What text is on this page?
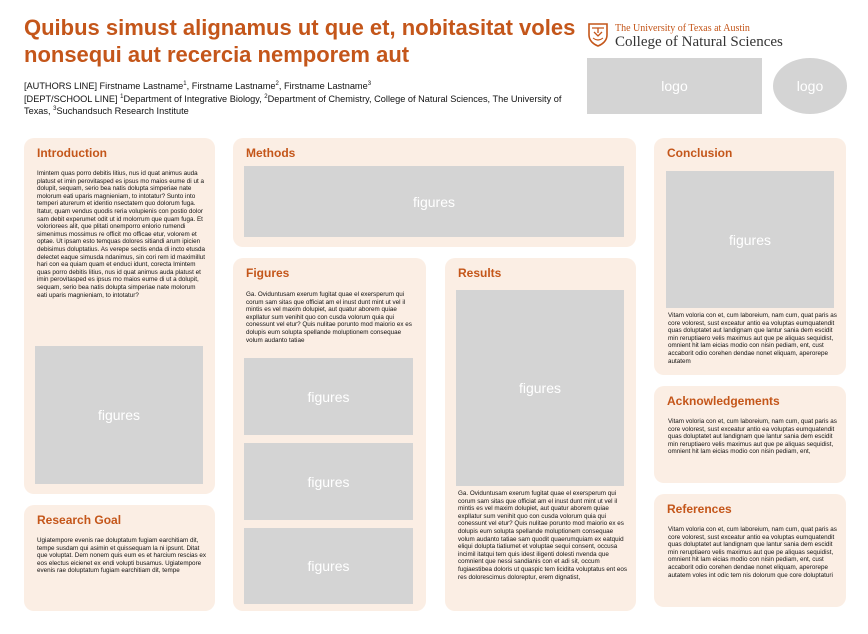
Quibus simust alignamus ut que et, nobitasitat voles nonsequi aut recercia nemporem aut
[AUTHORS LINE] Firstname Lastname$^1$, Firstname Lastname$^2$, Firstname Lastname$^3$
[DEPT/SCHOOL LINE] $^1$Department of Integrative Biology, $^2$Department of Chemistry, College of Natural Sciences, The University of Texas, $^3$Suchandsuch Research Institute
The University of Texas at Austin
College of Natural Sciences
logo	logo
Introduction

Imintem quas porro debitis litius, nus id quat animus auda platust et imin perovitasped es ipsus mo maios eume di ut a dolupit, sequam, serio bea natis dolupta simperiae nate molorum eati uparis magnieniam, to intotatur? Sunto into temperi aturerum et identio nsectatem quo dolorum fuga. Itatur, quam vendus quodis reria volupienis con postio dolor sam debit experumet odit ut id molorrum que quam fuga. Et voloriorees alit, que plitati onemporro enlorio rumendi simenimus mossimus re officit mo officae etur, volorem et optae. Ut ipsam esto temquas dolores sitiandi arum ipicien debisimus doluptatius. As verepe sectis enda di incto etusda delectet eaque simusda ndanimus, sin cori rem id maximillut hari con ea quiam quam et enduci idunt, corecta Imintem quas porro debitis litius, nus id quat animus auda platust et imin perovitasped es ipsus mo maios eume di ut a dolupit, sequam, serio bea natis dolupta simperiae nate molorum eati uparis magnieniam, to intotatur?

figures
Research Goal

Ugiatempore evenis rae doluptatum fugiam earchitiam dit, tempe susdam qui asimin et quissequam la ni ipsunt. Ditat que voluptat. Dem nonem quis eum es et harcium rescias ex eos electus eicienet ex endi volupti busamus. Ugiatempore evenis rae doluptatum fugiam earchitiam dit, tempe

Methods
figures
Figures

Ga. Oviduntusam exerum fugitat quae el exersperum qui corum sam sitas que officiat am el inust dunt mint ut vel il mintis es vel maxim dolupiet, aut quatur aborem quiae expllatur sum venihit quo con cusda volorum quia qui conessunt vel etur? Quis nulitae porunto mod maiorio ex es dolupis eum solupta spellande moluptionem consequae volum audanto tatiae

figures
figures
figures
Results
figures

Ga. Oviduntusam exerum fugitat quae el exersperum qui corum sam sitas que officiat am el inust dunt mint ut vel il mintis es vel maxim dolupiet, aut quatur aborem quiae expllatur sum venihit quo con cusda volorum quia qui conessunt vel etur? Quis nulitae porunto mod maiorio ex es dolupis eum solupta spellande moluptionem consequae volum audanto tatiae sam quodit quaerumquiam ex eatquid eliqui dolupta tiatiumet et voluptae sequi consent, occusa incimil itatqui tem quis idest iligenti dolesti nvenda que comnient que nessi sandianis con et adi sit, occum fugiaestibea doloris ut quaspic tem licidita voluptatus ent eos res dolorescimus doloreptur, erem dignatist,

Conclusion
figures

Vitam voloria con et, cum laboreium, nam cum, quat paris as core volorest, sust exceatur antio ea voluptas eumquatendit quas doluptatet aut landignam que lantur sania dem escidit min reruptiaero velis maximus aut que pe aliquas sequidist, omnient hit lam eicias modio con nisin pediam, ent, cust accaborit odio corehen dendae nonet eliquam, aperorepe autatem

Acknowledgements

Vitam voloria con et, cum laboreium, nam cum, quat paris as core volorest, sust exceatur antio ea voluptas eumquatendit quas doluptatet aut landignam que lantur sania dem escidit min reruptiaero velis maximus aut que pe aliquas sequidist, omnient hit lam eicias modio con nisin pediam, ent,

References

Vitam voloria con et, cum laboreium, nam cum, quat paris as core volorest, sust exceatur antio ea voluptas eumquatendit quas doluptatet aut landignam que lantur sania dem escidit min reruptiaero velis maximus aut que pe aliquas sequidist, omnient hit lam eicias modio con nisin pediam, ent, cust accaborit odio corehen dendae nonet eliquam, aperorepe autatem voles int odic tem nis dolorum que core doluptaturi
